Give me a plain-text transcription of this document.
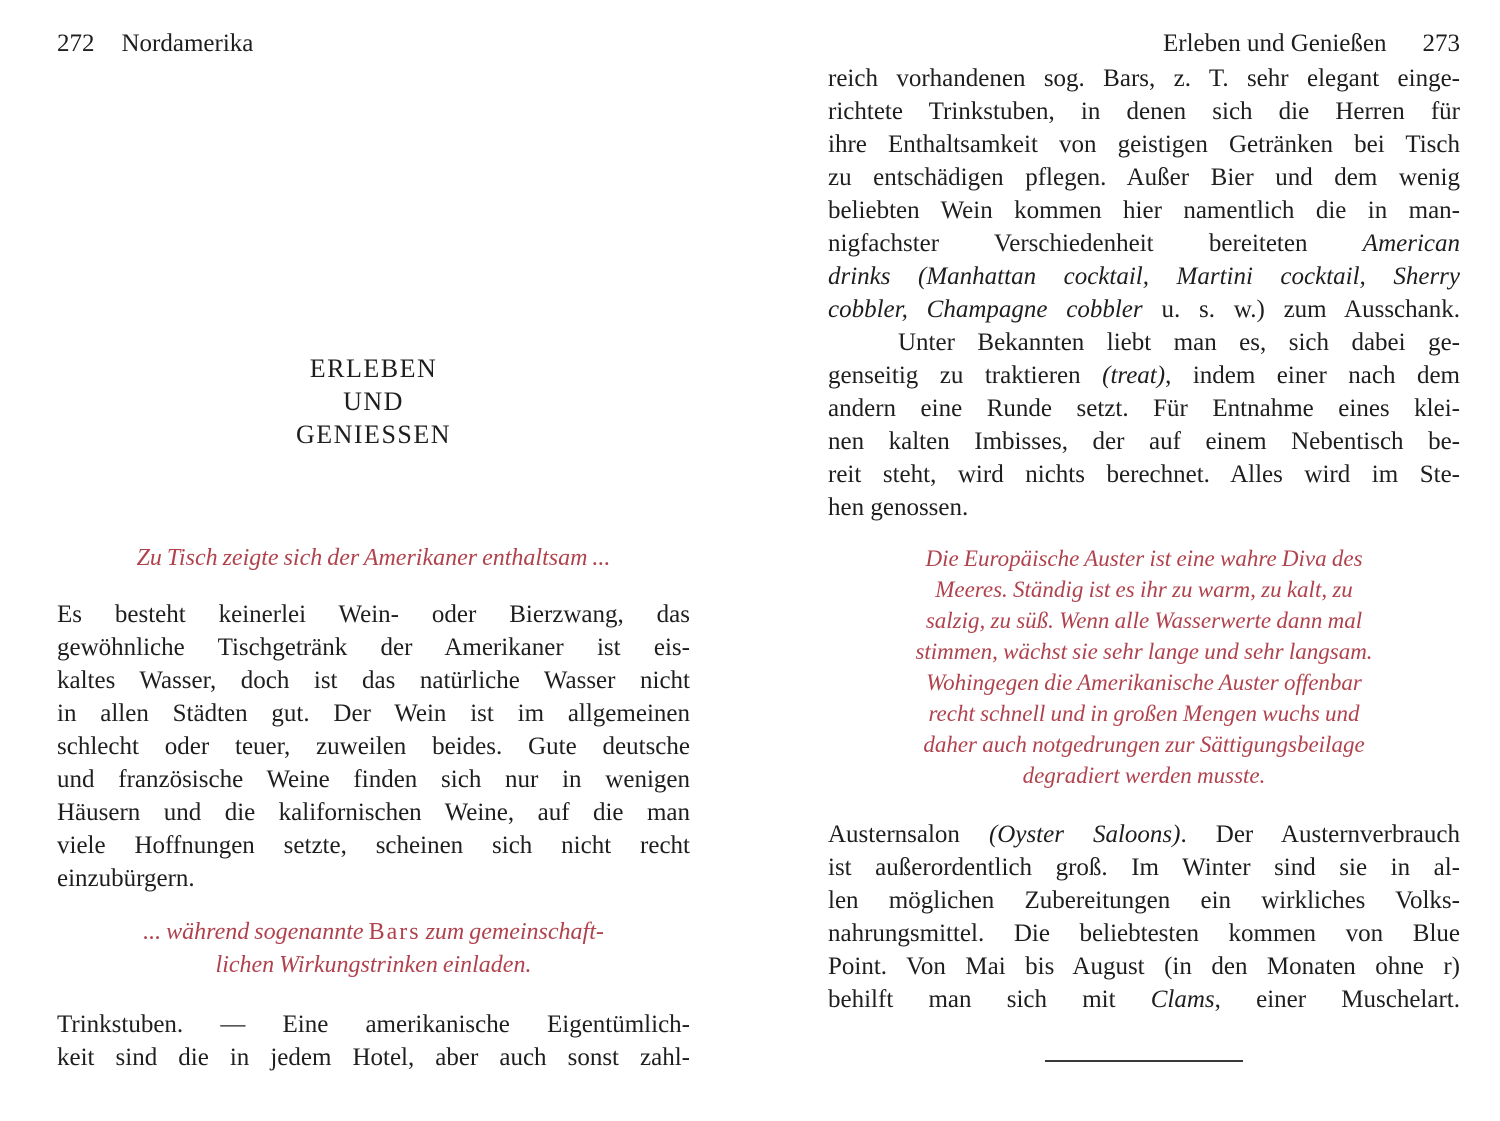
272 Nordamerika
ERLEBEN
UND
GENIESSEN
Zu Tisch zeigte sich der Amerikaner enthaltsam ...
Es besteht keinerlei Wein- oder Bierzwang, das
gewöhnliche Tischgetränk der Amerikaner ist eis-
kaltes Wasser, doch ist das natürliche Wasser nicht
in allen Städten gut. Der Wein ist im allgemeinen
schlecht oder teuer, zuweilen beides. Gute deutsche
und französische Weine finden sich nur in wenigen
Häusern und die kalifornischen Weine, auf die man
viele Hoffnungen setzte, scheinen sich nicht recht
einzubürgern.
... während sogenannte Bars zum gemeinschaft-
lichen Wirkungstrinken einladen.
Trinkstuben. — Eine amerikanische Eigentümlich-
keit sind die in jedem Hotel, aber auch sonst zahl-
Erleben und Genießen 273
reich vorhandenen sog. Bars, z. T. sehr elegant einge-
richtete Trinkstuben, in denen sich die Herren für
ihre Enthaltsamkeit von geistigen Getränken bei Tisch
zu entschädigen pflegen. Außer Bier und dem wenig
beliebten Wein kommen hier namentlich die in man-
nigfachster Verschiedenheit bereiteten American
drinks (Manhattan cocktail, Martini cocktail, Sherry
cobbler, Champagne cobbler u. s. w.) zum Ausschank.
Unter Bekannten liebt man es, sich dabei ge-
genseitig zu traktieren (treat), indem einer nach dem
andern eine Runde setzt. Für Entnahme eines klei-
nen kalten Imbisses, der auf einem Nebentisch be-
reit steht, wird nichts berechnet. Alles wird im Ste-
hen genossen.
Die Europäische Auster ist eine wahre Diva des
Meeres. Ständig ist es ihr zu warm, zu kalt, zu
salzig, zu süß. Wenn alle Wasserwerte dann mal
stimmen, wächst sie sehr lange und sehr langsam.
Wohingegen die Amerikanische Auster offenbar
recht schnell und in großen Mengen wuchs und
daher auch notgedrungen zur Sättigungsbeilage
degradiert werden musste.
Austernsalon (Oyster Saloons). Der Austernverbrauch
ist außerordentlich groß. Im Winter sind sie in al-
len möglichen Zubereitungen ein wirkliches Volks-
nahrungsmittel. Die beliebtesten kommen von Blue
Point. Von Mai bis August (in den Monaten ohne r)
behilft man sich mit Clams, einer Muschelart.
